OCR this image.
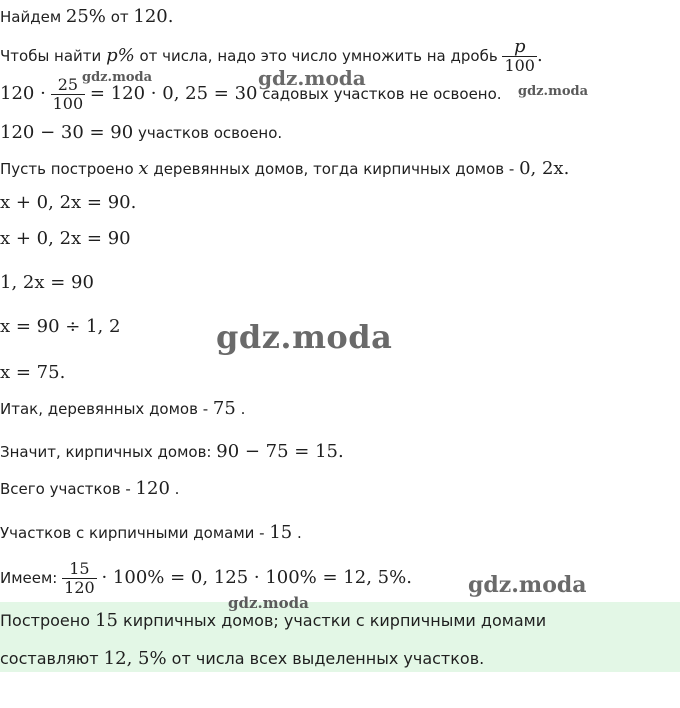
Найдем 25% от 120.
Чтобы найти p% от числа, надо это число умножить на дробь $\frac{p}{100}$ .
$120 \cdot \frac{25}{100} = 120 \cdot 0$, 25 = 30 садовых участков не освоено.
120 − 30 = 90 участков освоено.
Пусть построено x деревянных домов, тогда кирпичных домов - 0, 2x.
x + 0, 2x = 90.
x + 0, 2x = 90
1, 2x = 90
x = 90 ÷ 1, 2
x = 75.
Итак, деревянных домов - 75 .
Значит, кирпичных домов: 90 − 75 = 15.
Всего участков - 120 .
Участков с кирпичными домами - 15 .
Имеем: $\frac{15}{120} \cdot 100\% = 0$, 125 · 100% = 12, 5%.
Построено 15 кирпичных домов; участки с кирпичными домами
составляют 12, 5% от числа всех выделенных участков.
gdz.moda	gdz.moda
gdz.moda
gdz.moda
gdz.moda
gdz.moda
